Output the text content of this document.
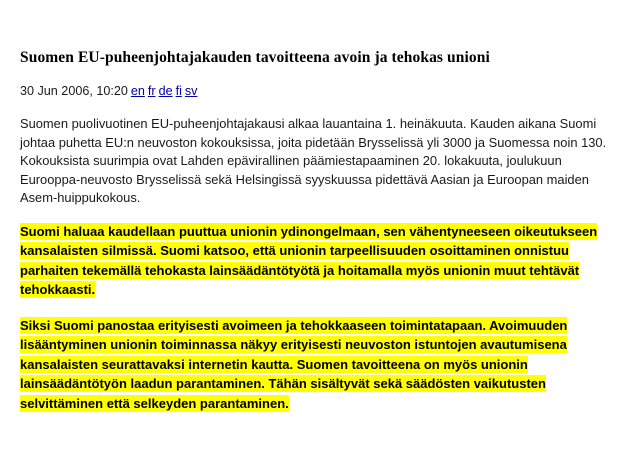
Suomen EU-puheenjohtajakauden tavoitteena avoin ja tehokas unioni
30 Jun 2006, 10:20 en fr de fi sv

Suomen puolivuotinen EU-puheenjohtajakausi alkaa lauantaina 1. heinäkuuta. Kauden aikana Suomi johtaa puhetta EU:n neuvoston kokouksissa, joita pidetään Brysselissä yli 3000 ja Suomessa noin 130. Kokouksista suurimpia ovat Lahden epävirallinen päämiestapaaminen 20. lokakuuta, joulukuun Eurooppa-neuvosto Brysselissä sekä Helsingissä syyskuussa pidettävä Aasian ja Euroopan maiden Asem-huippukokous.

Suomi haluaa kaudellaan puuttua unionin ydinongelmaan, sen vähentyneeseen oikeutukseen kansalaisten silmissä. Suomi katsoo, että unionin tarpeellisuuden osoittaminen onnistuu parhaiten tekemällä tehokasta lainsäädäntötyötä ja hoitamalla myös unionin muut tehtävät tehokkaasti.

Siksi Suomi panostaa erityisesti avoimeen ja tehokkaaseen toimintatapaan. Avoimuuden lisääntyminen unionin toiminnassa näkyy erityisesti neuvoston istuntojen avautumisena kansalaisten seurattavaksi internetin kautta. Suomen tavoitteena on myös unionin lainsäädäntötyön laadun parantaminen. Tähän sisältyvät sekä säädösten vaikutusten selvittäminen että selkeyden parantaminen.
